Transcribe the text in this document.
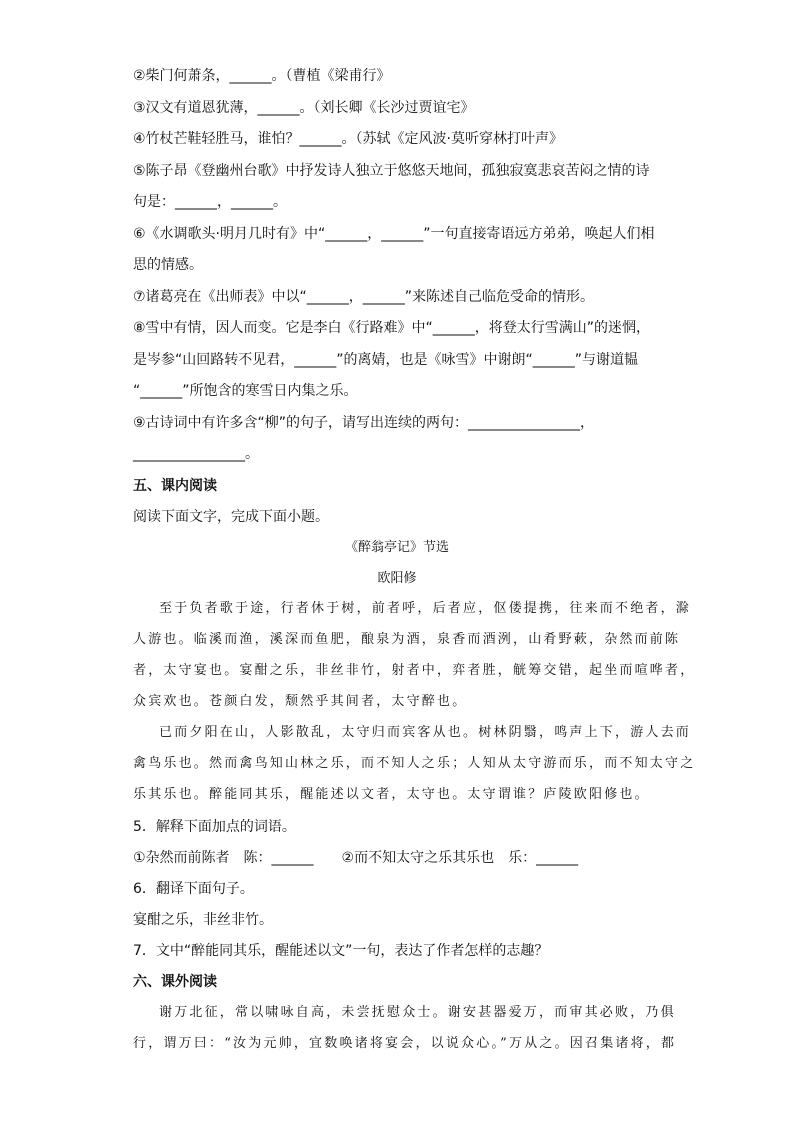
②柴门何萧条，______。（曹植《梁甫行》
③汉文有道恩犹薄，______。（刘长卿《长沙过贾谊宅》
④竹杖芒鞋轻胜马，谁怕？______。（苏轼《定风波·莫听穿林打叶声》
⑤陈子昂《登幽州台歌》中抒发诗人独立于悠悠天地间，孤独寂寞悲哀苦闷之情的诗
句是：______，______。
⑥《水调歌头·明月几时有》中“______，______”一句直接寄语远方弟弟，唤起人们相
思的情感。
⑦诸葛亮在《出师表》中以“______，______”来陈述自己临危受命的情形。
⑧雪中有情，因人而变。它是李白《行路难》中“______，将登太行雪满山”的迷惘，
是岑参“山回路转不见君，______”的离婧，也是《咏雪》中谢朗“______”与谢道韫
“______”所饱含的寒雪日内集之乐。
⑨古诗词中有许多含“柳”的句子，请写出连续的两句：________________，
________________。
五、课内阅读
阅读下面文字，完成下面小题。
《醉翁亭记》节选
欧阳修
至于负者歌于途，行者休于树，前者呼，后者应，伛偻提携，往来而不绝者，滁
人游也。临溪而渔，溪深而鱼肥，酿泉为酒，泉香而酒洌，山肴野蔌，杂然而前陈
者，太守宴也。宴酣之乐，非丝非竹，射者中，弈者胜，觥筹交错，起坐而喧哗者，
众宾欢也。苍颜白发，颓然乎其间者，太守醉也。
已而夕阳在山，人影散乱，太守归而宾客从也。树林阴翳，鸣声上下，游人去而
禽鸟乐也。然而禽鸟知山林之乐，而不知人之乐；人知从太守游而乐，而不知太守之
乐其乐也。醉能同其乐，醒能述以文者，太守也。太守谓谁？庐陵欧阳修也。
5．解释下面加点的词语。
①杂然而前陈者　陈：______　　②而不知太守之乐其乐也　乐：______
6．翻译下面句子。
宴酣之乐，非丝非竹。
7．文中“醉能同其乐，醒能述以文”一句，表达了作者怎样的志趣？
六、课外阅读
谢万北征，常以啸咏自高，未尝抚慰众士。谢安甚器爱万，而审其必败，乃俱
行，谓万曰：“汝为元帅，宜数唤诸将宴会，以说众心。”万从之。因召集诸将，都
